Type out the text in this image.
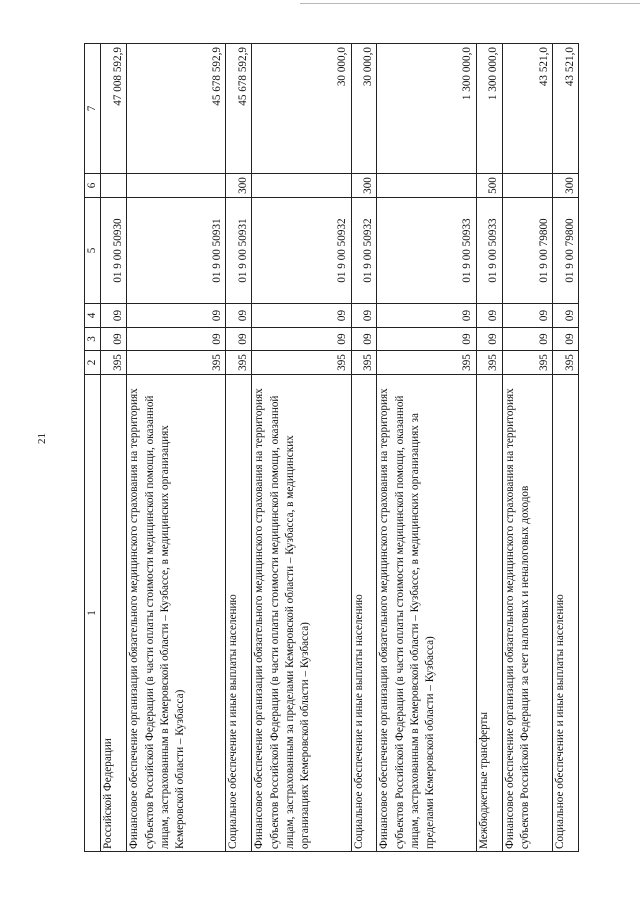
21
1	2	3	4	5	6	7
Российской Федерации	395	09	09	01 9 00 50930		47 008 592,9
Финансовое обеспечение организации обязательного медицинского страхования на территориях субъектов Российской Федерации (в части оплаты стоимости медицинской помощи, оказанной лицам, застрахованным в Кемеровской области – Кузбассе, в медицинских организациях Кемеровской области – Кузбасса)	395	09	09	01 9 00 50931		45 678 592,9
Социальное обеспечение и иные выплаты населению	395	09	09	01 9 00 50931	300	45 678 592,9
Финансовое обеспечение организации обязательного медицинского страхования на территориях субъектов Российской Федерации (в части оплаты стоимости медицинской помощи, оказанной лицам, застрахованным за пределами Кемеровской области – Кузбасса, в медицинских организациях Кемеровской области – Кузбасса)	395	09	09	01 9 00 50932		30 000,0
Социальное обеспечение и иные выплаты населению	395	09	09	01 9 00 50932	300	30 000,0
Финансовое обеспечение организации обязательного медицинского страхования на территориях субъектов Российской Федерации (в части оплаты стоимости медицинской помощи, оказанной лицам, застрахованным в Кемеровской области – Кузбассе, в медицинских организациях за пределами Кемеровской области – Кузбасса)	395	09	09	01 9 00 50933		1 300 000,0
Межбюджетные трансферты	395	09	09	01 9 00 50933	500	1 300 000,0
Финансовое обеспечение организации обязательного медицинского страхования на территориях субъектов Российской Федерации за счет налоговых и неналоговых доходов	395	09	09	01 9 00 79800		43 521,0
Социальное обеспечение и иные выплаты населению	395	09	09	01 9 00 79800	300	43 521,0
